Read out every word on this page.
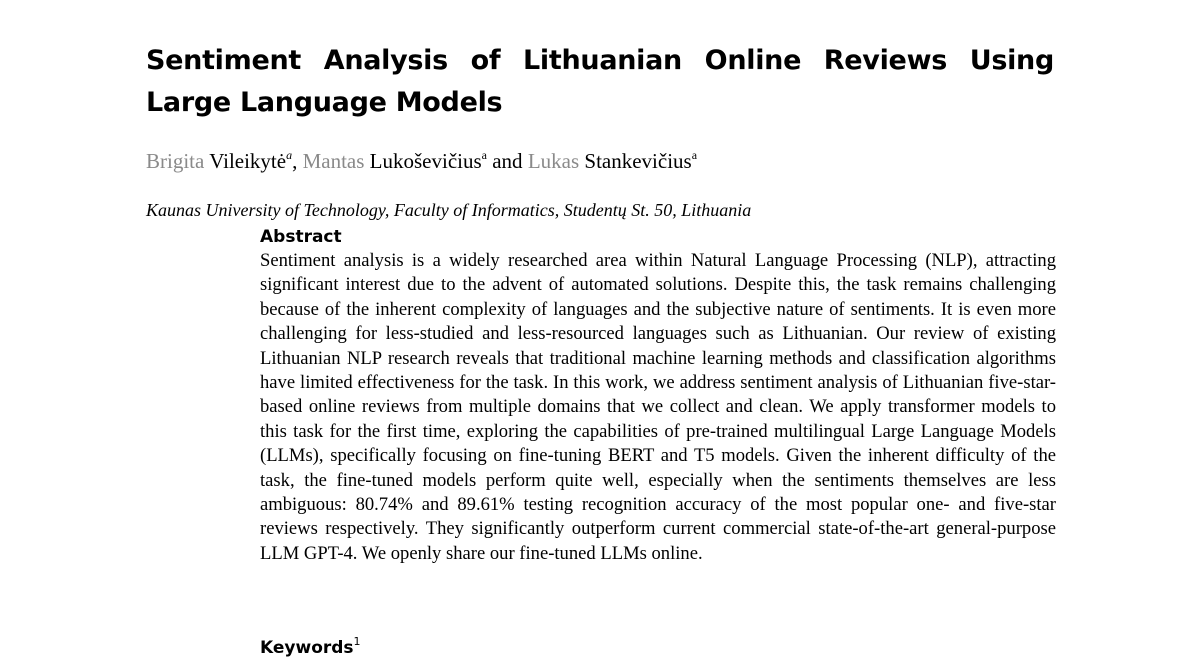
Sentiment Analysis of Lithuanian Online Reviews Using Large Language Models
Brigita Vileikytė$^a$, Mantas Lukoševičius$^a$ and Lukas Stankevičius$^a$
Kaunas University of Technology, Faculty of Informatics, Studentų St. 50, Lithuania
Abstract

Sentiment analysis is a widely researched area within Natural Language Processing (NLP), attracting significant interest due to the advent of automated solutions. Despite this, the task remains challenging because of the inherent complexity of languages and the subjective nature of sentiments. It is even more challenging for less-studied and less-resourced languages such as Lithuanian. Our review of existing Lithuanian NLP research reveals that traditional machine learning methods and classification algorithms have limited effectiveness for the task. In this work, we address sentiment analysis of Lithuanian five-star-based online reviews from multiple domains that we collect and clean. We apply transformer models to this task for the first time, exploring the capabilities of pre-trained multilingual Large Language Models (LLMs), specifically focusing on fine-tuning BERT and T5 models. Given the inherent difficulty of the task, the fine-tuned models perform quite well, especially when the sentiments themselves are less ambiguous: 80.74% and 89.61% testing recognition accuracy of the most popular one- and five-star reviews respectively. They significantly outperform current commercial state-of-the-art general-purpose LLM GPT-4. We openly share our fine-tuned LLMs online.

Keywords$^1$
